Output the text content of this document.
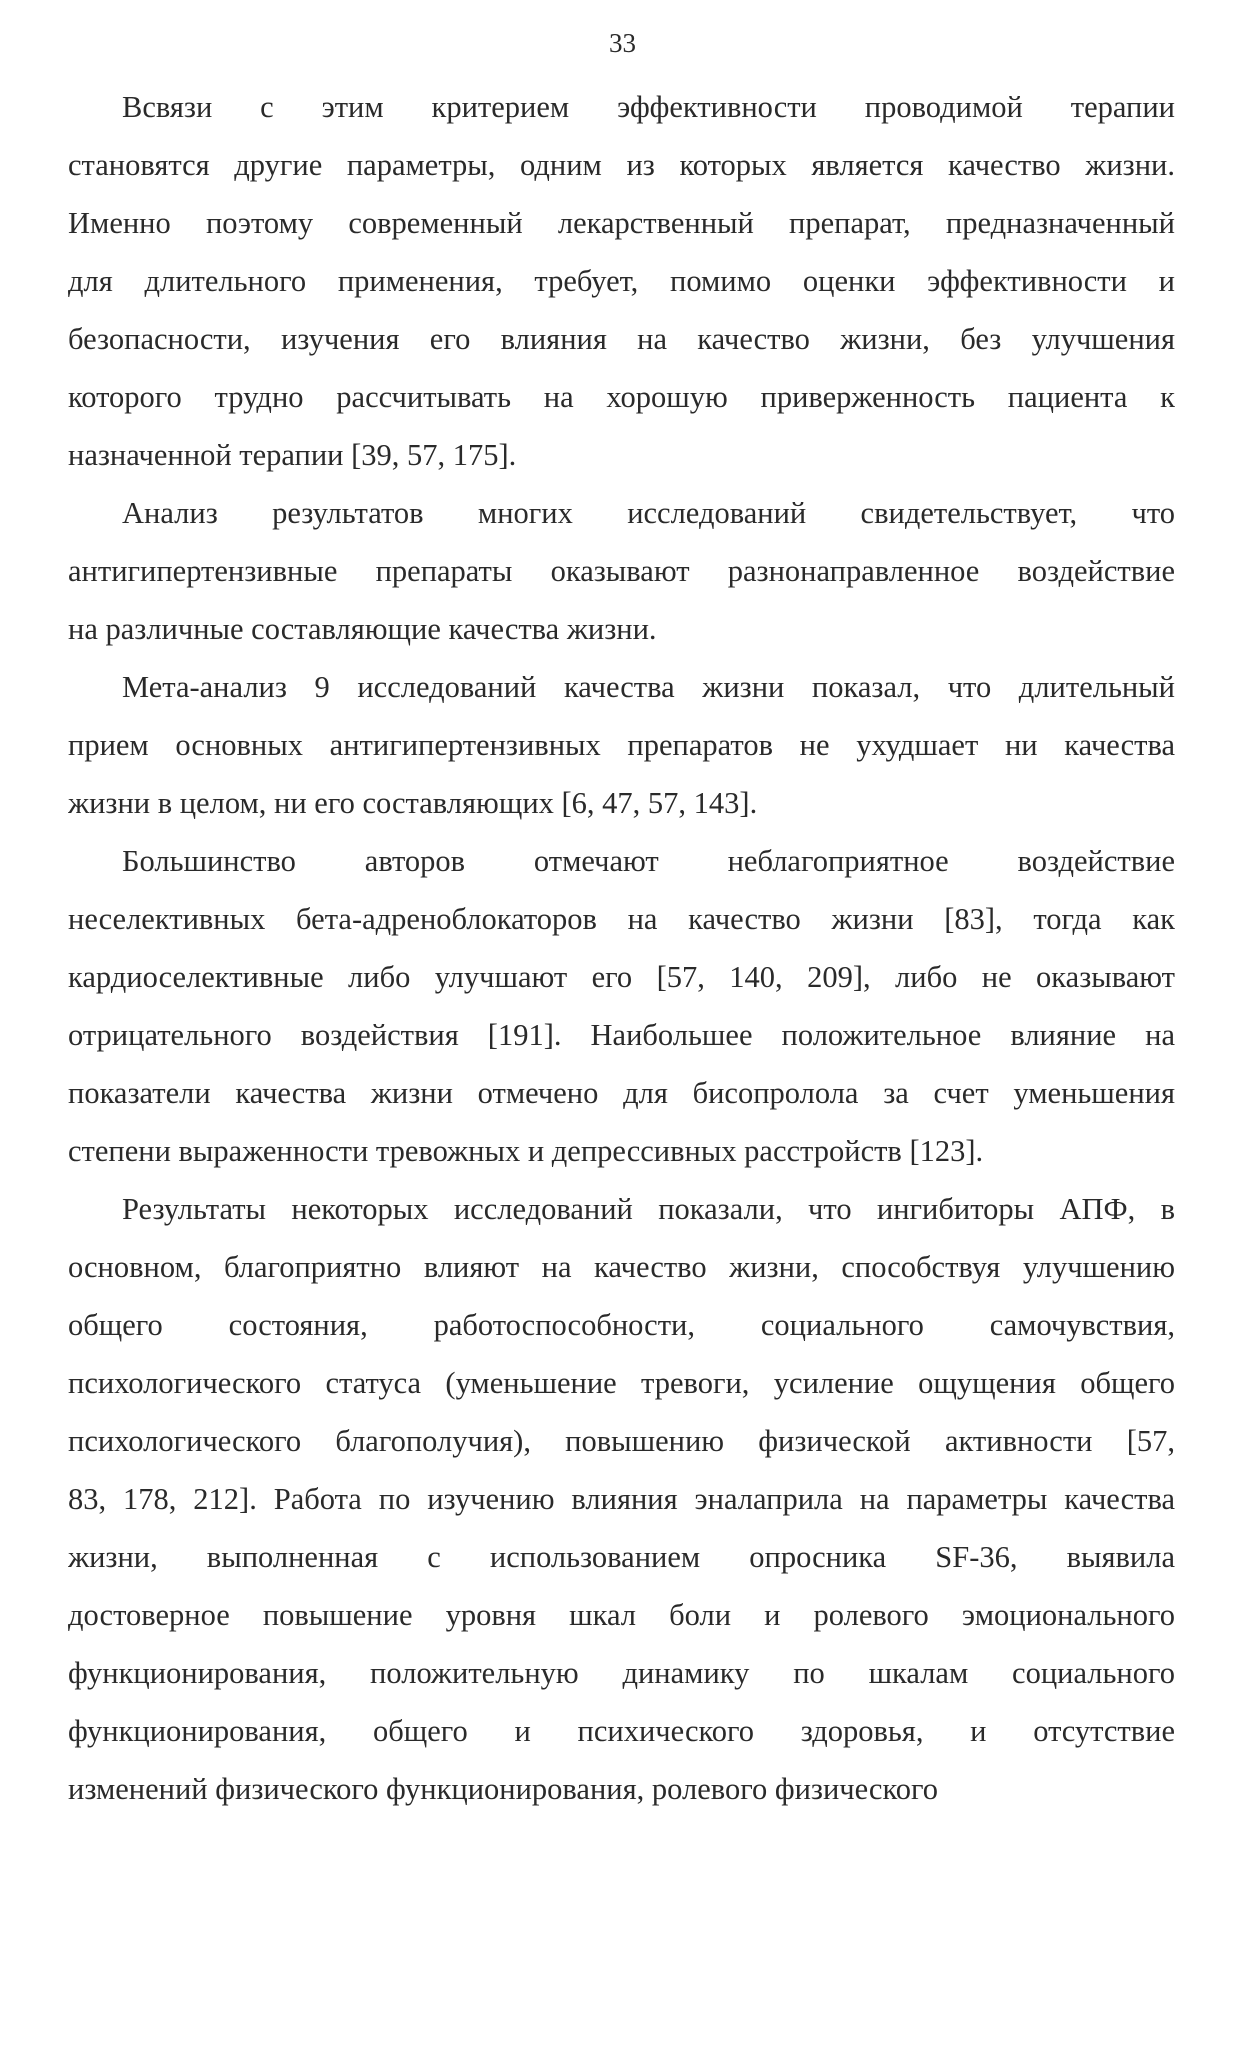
33
Всвязи с этим критерием эффективности проводимой терапии
становятся другие параметры, одним из которых является качество жизни.
Именно поэтому современный лекарственный препарат, предназначенный
для длительного применения, требует, помимо оценки эффективности и
безопасности, изучения его влияния на качество жизни, без улучшения
которого трудно рассчитывать на хорошую приверженность пациента к
назначенной терапии [39, 57, 175].
Анализ результатов многих исследований свидетельствует, что
антигипертензивные препараты оказывают разнонаправленное воздействие
на различные составляющие качества жизни.
Мета-анализ 9 исследований качества жизни показал, что длительный
прием основных антигипертензивных препаратов не ухудшает ни качества
жизни в целом, ни его составляющих [6, 47, 57, 143].
Большинство авторов отмечают неблагоприятное воздействие
неселективных бета-адреноблокаторов на качество жизни [83], тогда как
кардиоселективные либо улучшают его [57, 140, 209], либо не оказывают
отрицательного воздействия [191]. Наибольшее положительное влияние на
показатели качества жизни отмечено для бисопролола за счет уменьшения
степени выраженности тревожных и депрессивных расстройств [123].
Результаты некоторых исследований показали, что ингибиторы АПФ, в
основном, благоприятно влияют на качество жизни, способствуя улучшению
общего состояния, работоспособности, социального самочувствия,
психологического статуса (уменьшение тревоги, усиление ощущения общего
психологического благополучия), повышению физической активности [57,
83, 178, 212]. Работа по изучению влияния эналаприла на параметры качества
жизни, выполненная с использованием опросника SF-36, выявила
достоверное повышение уровня шкал боли и ролевого эмоционального
функционирования, положительную динамику по шкалам социального
функционирования, общего и психического здоровья, и отсутствие
изменений физического функционирования, ролевого физического
